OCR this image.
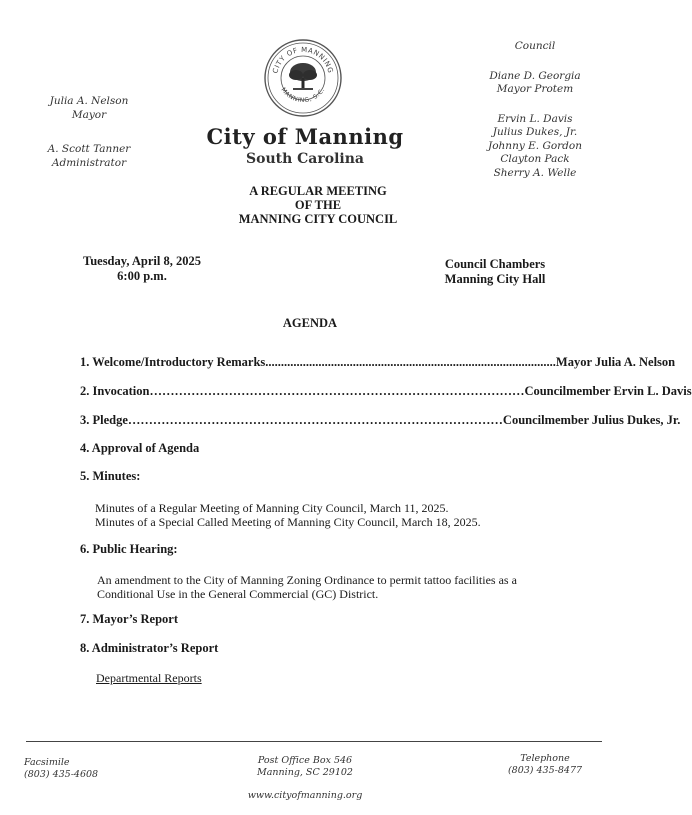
Julia A. Nelson
Mayor
A. Scott Tanner
Administrator
CITY OF MANNING
MANNING, S.C.
City of Manning
South Carolina
A REGULAR MEETING
OF THE
MANNING CITY COUNCIL
Council
Diane D. Georgia
Mayor Protem
Ervin L. Davis
Julius Dukes, Jr.
Johnny E. Gordon
Clayton Pack
Sherry A. Welle
Tuesday, April 8, 2025
6:00 p.m.
Council Chambers
Manning City Hall
AGENDA
1. Welcome/Introductory Remarks ............................................................................................. Mayor Julia A. Nelson
2. Invocation ……………………………………………………………………………… Councilmember Ervin L. Davis
3. Pledge ……………………………………………………………………………… Councilmember Julius Dukes, Jr.
4. Approval of Agenda
5. Minutes:
Minutes of a Regular Meeting of Manning City Council, March 11, 2025.
Minutes of a Special Called Meeting of Manning City Council, March 18, 2025.
6. Public Hearing:
An amendment to the City of Manning Zoning Ordinance to permit tattoo facilities as a
Conditional Use in the General Commercial (GC) District.
7. Mayor’s Report
8. Administrator’s Report
Departmental Reports
Facsimile
(803) 435-4608
Post Office Box 546
Manning, SC 29102
Telephone
(803) 435-8477
www.cityofmanning.org
